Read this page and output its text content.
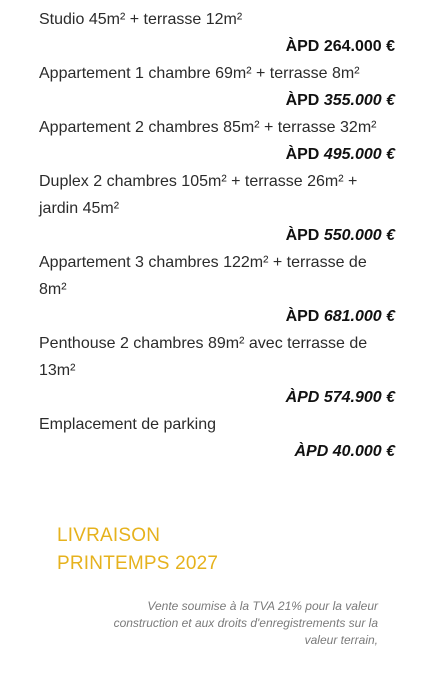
Studio 45m² + terrasse 12m²

ÀPD 264.000 €

Appartement 1 chambre 69m² + terrasse 8m²

ÀPD 355.000 €

Appartement 2 chambres 85m² + terrasse 32m²

ÀPD 495.000 €

Duplex 2 chambres 105m² + terrasse 26m² + jardin 45m²

ÀPD 550.000 €

Appartement 3 chambres 122m² + terrasse de 8m²

ÀPD 681.000 €

Penthouse 2 chambres 89m² avec terrasse de 13m²

ÀPD 574.900 €

Emplacement de parking

ÀPD 40.000 €

LIVRAISON
PRINTEMPS 2027
Vente soumise à la TVA 21% pour la valeur construction et aux droits d'enregistrements sur la valeur terrain,
